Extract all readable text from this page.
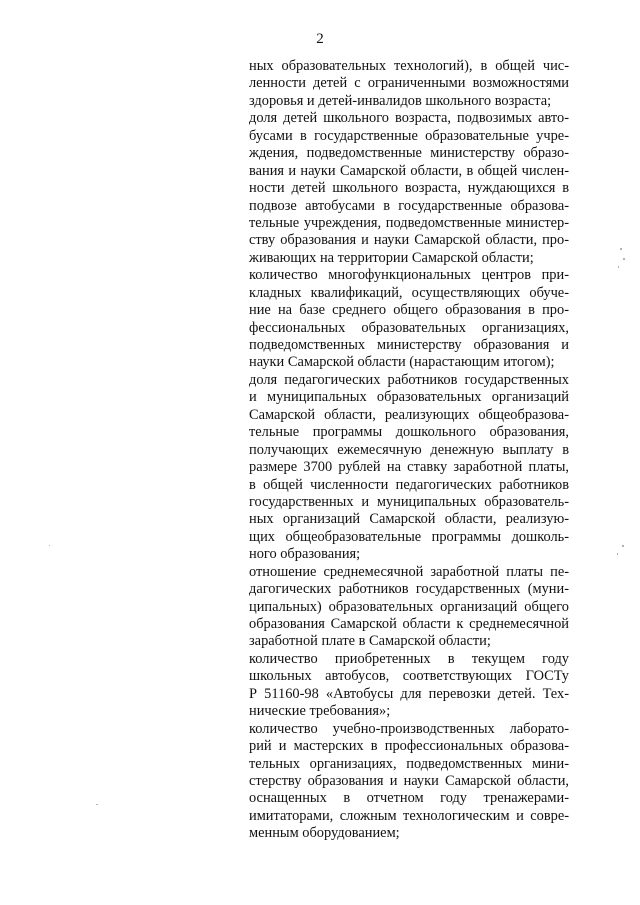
2
ных образовательных технологий), в общей чис-
ленности детей с ограниченными возможностями
здоровья и детей-инвалидов школьного возраста;
доля детей школьного возраста, подвозимых авто-
бусами в государственные образовательные учре-
ждения, подведомственные министерству образо-
вания и науки Самарской области, в общей числен-
ности детей школьного возраста, нуждающихся в
подвозе автобусами в государственные образова-
тельные учреждения, подведомственные министер-
ству образования и науки Самарской области, про-
живающих на территории Самарской области;
количество многофункциональных центров при-
кладных квалификаций, осуществляющих обуче-
ние на базе среднего общего образования в про-
фессиональных образовательных организациях,
подведомственных министерству образования и
науки Самарской области (нарастающим итогом);
доля педагогических работников государственных
и муниципальных образовательных организаций
Самарской области, реализующих общеобразова-
тельные программы дошкольного образования,
получающих ежемесячную денежную выплату в
размере 3700 рублей на ставку заработной платы,
в общей численности педагогических работников
государственных и муниципальных образователь-
ных организаций Самарской области, реализую-
щих общеобразовательные программы дошколь-
ного образования;
отношение среднемесячной заработной платы пе-
дагогических работников государственных (муни-
ципальных) образовательных организаций общего
образования Самарской области к среднемесячной
заработной плате в Самарской области;
количество приобретенных в текущем году
школьных автобусов, соответствующих ГОСТу
Р 51160-98 «Автобусы для перевозки детей. Тех-
нические требования»;
количество учебно-производственных лаборато-
рий и мастерских в профессиональных образова-
тельных организациях, подведомственных мини-
стерству образования и науки Самарской области,
оснащенных в отчетном году тренажерами-
имитаторами, сложным технологическим и совре-
менным оборудованием;
